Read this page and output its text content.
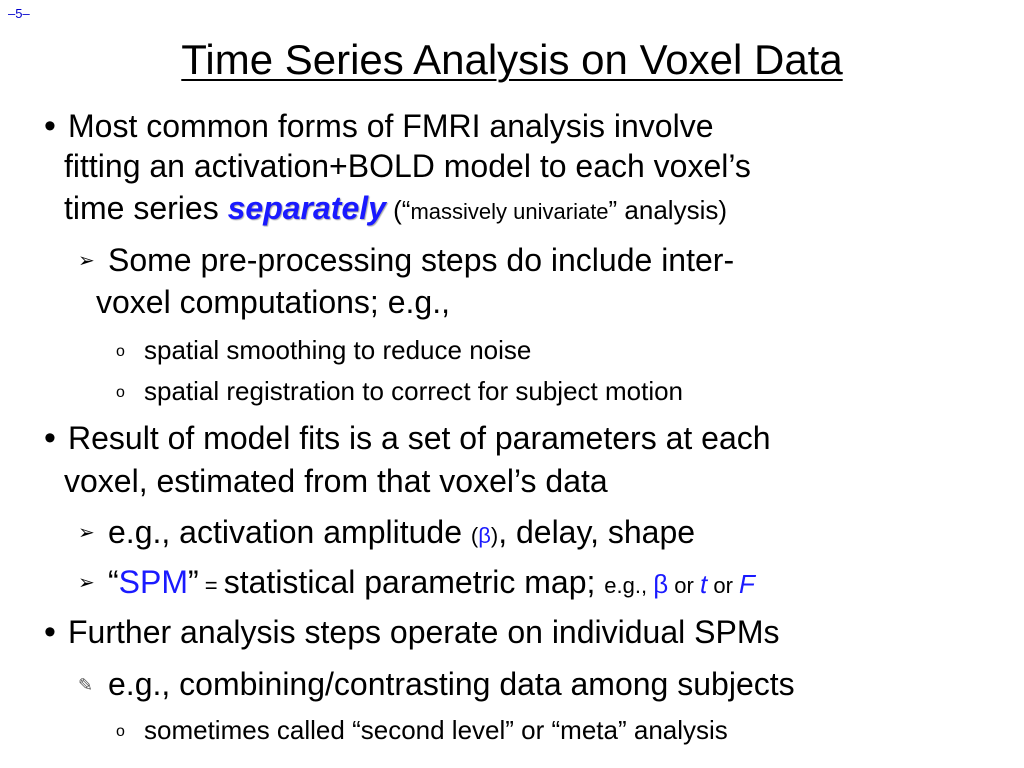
–5–
Time Series Analysis on Voxel Data
• Most common forms of FMRI analysis involve
fitting an activation+BOLD model to each voxel’s
time series separately (“massively univariate” analysis)
➢ Some pre-processing steps do include inter-
voxel computations; e.g.,
o spatial smoothing to reduce noise
o spatial registration to correct for subject motion
• Result of model fits is a set of parameters at each
voxel, estimated from that voxel’s data
➢ e.g., activation amplitude (β), delay, shape
➢ “SPM” = statistical parametric map; e.g., β or t or F
• Further analysis steps operate on individual SPMs
✎ e.g., combining/contrasting data among subjects
o sometimes called “second level” or “meta” analysis
